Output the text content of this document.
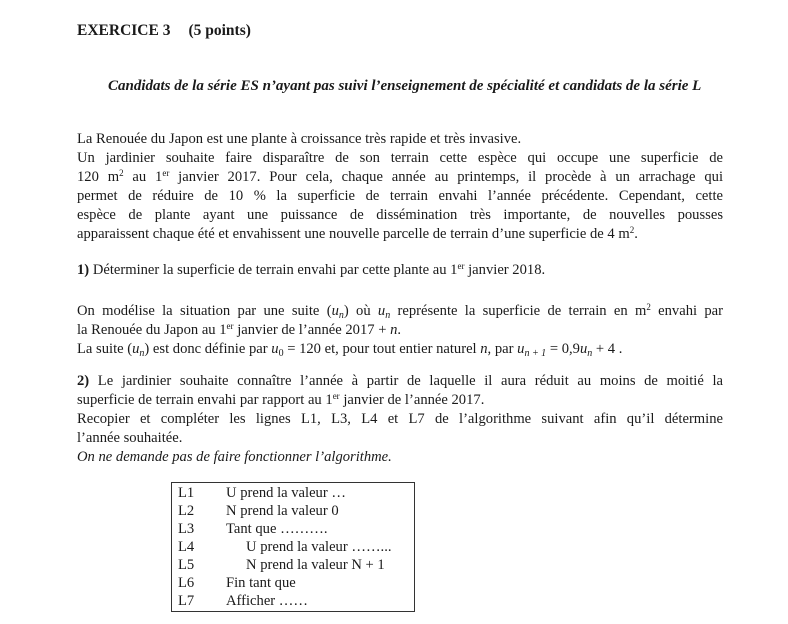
EXERCICE 3 (5 points)
Candidats de la série ES n’ayant pas suivi l’enseignement de spécialité et candidats de la série L
La Renouée du Japon est une plante à croissance très rapide et très invasive.
Un jardinier souhaite faire disparaître de son terrain cette espèce qui occupe une superficie de
120 $m^2$ au 1er janvier 2017. Pour cela, chaque année au printemps, il procède à un arrachage qui
permet de réduire de 10 % la superficie de terrain envahi l’année précédente. Cependant, cette
espèce de plante ayant une puissance de dissémination très importante, de nouvelles pousses
apparaissent chaque été et envahissent une nouvelle parcelle de terrain d’une superficie de 4 $m^2$.
1) Déterminer la superficie de terrain envahi par cette plante au 1er janvier 2018.
On modélise la situation par une suite $(u_n)$ où $u_n$ représente la superficie de terrain en $m^2$ envahi par
la Renouée du Japon au 1er janvier de l’année 2017 + n.
La suite $(u_n)$ est donc définie par $u_0 = 120$ et, pour tout entier naturel n, par $u_{n + 1} = 0,9u_n + 4$ .
2) Le jardinier souhaite connaître l’année à partir de laquelle il aura réduit au moins de moitié la
superficie de terrain envahi par rapport au 1er janvier de l’année 2017.
Recopier et compléter les lignes L1, L3, L4 et L7 de l’algorithme suivant afin qu’il détermine
l’année souhaitée.
On ne demande pas de faire fonctionner l’algorithme.
L1 U prend la valeur …
L2 N prend la valeur 0
L3 Tant que ……….
L4	U prend la valeur ……...
L5	N prend la valeur N + 1
L6 Fin tant que
L7 Afficher ……
